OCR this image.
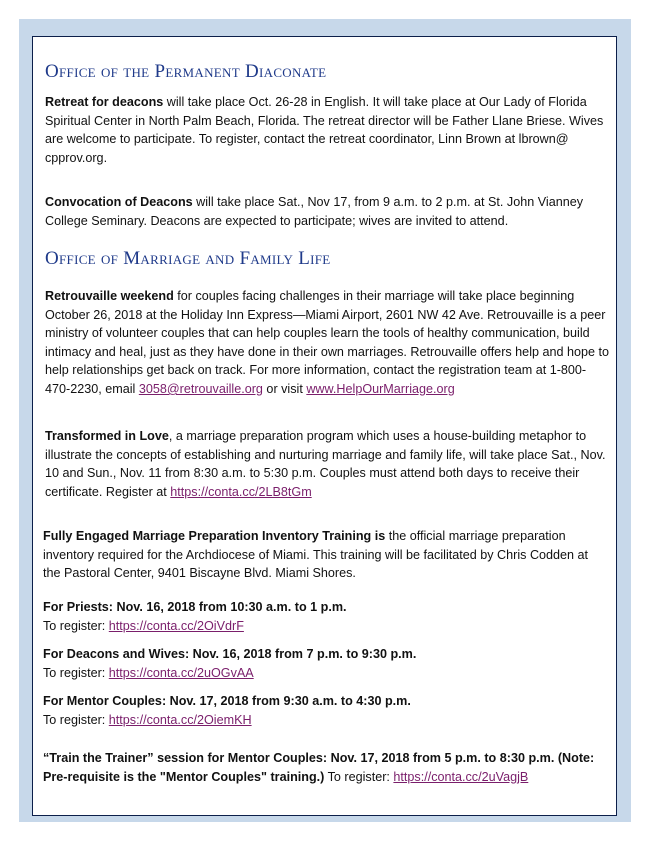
Office of the Permanent Diaconate

Retreat for deacons will take place Oct. 26-28 in English. It will take place at Our Lady of Florida Spiritual Center in North Palm Beach, Florida. The retreat director will be Father Llane Briese. Wives are welcome to participate. To register, contact the retreat coordinator, Linn Brown at lbrown@ cpprov.org.

Convocation of Deacons will take place Sat., Nov 17, from 9 a.m. to 2 p.m. at St. John Vianney College Seminary. Deacons are expected to participate; wives are invited to attend.

Office of Marriage and Family Life

Retrouvaille weekend for couples facing challenges in their marriage will take place beginning October 26, 2018 at the Holiday Inn Express—Miami Airport, 2601 NW 42 Ave. Retrouvaille is a peer ministry of volunteer couples that can help couples learn the tools of healthy communication, build intimacy and heal, just as they have done in their own marriages. Retrouvaille offers help and hope to help relationships get back on track. For more information, contact the registration team at 1-800-470-2230, email 3058@retrouvaille.org or visit www.HelpOurMarriage.org

Transformed in Love, a marriage preparation program which uses a house-building metaphor to illustrate the concepts of establishing and nurturing marriage and family life, will take place Sat., Nov. 10 and Sun., Nov. 11 from 8:30 a.m. to 5:30 p.m. Couples must attend both days to receive their certificate. Register at https://conta.cc/2LB8tGm

Fully Engaged Marriage Preparation Inventory Training is the official marriage preparation inventory required for the Archdiocese of Miami. This training will be facilitated by Chris Codden at the Pastoral Center, 9401 Biscayne Blvd. Miami Shores.

For Priests: Nov. 16, 2018 from 10:30 a.m. to 1 p.m.
To register: https://conta.cc/2OiVdrF

For Deacons and Wives: Nov. 16, 2018 from 7 p.m. to 9:30 p.m.
To register: https://conta.cc/2uOGvAA

For Mentor Couples: Nov. 17, 2018 from 9:30 a.m. to 4:30 p.m.
To register: https://conta.cc/2OiemKH

“Train the Trainer” session for Mentor Couples: Nov. 17, 2018 from 5 p.m. to 8:30 p.m. (Note: Pre-requisite is the "Mentor Couples" training.) To register: https://conta.cc/2uVagjB
